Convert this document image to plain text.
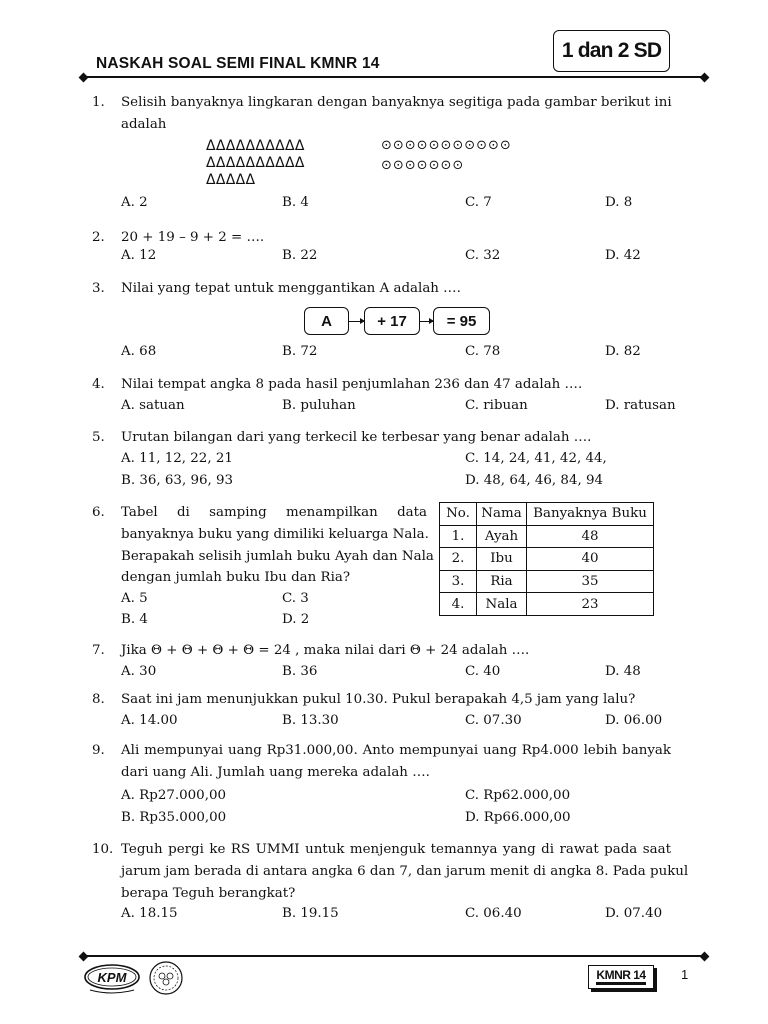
NASKAH SOAL SEMI FINAL KMNR 14
1 dan 2 SD
1. Selisih banyaknya lingkaran dengan banyaknya segitiga pada gambar berikut ini
adalah
ΔΔΔΔΔΔΔΔΔΔ
ΔΔΔΔΔΔΔΔΔΔ
ΔΔΔΔΔ
⊙⊙⊙⊙⊙⊙⊙⊙⊙⊙⊙
⊙⊙⊙⊙⊙⊙⊙
A. 2	B. 4	C. 7	D. 8
2. 20 + 19 – 9 + 2 = ….
A. 12	B. 22	C. 32	D. 42
3. Nilai yang tepat untuk menggantikan A adalah ….
A	+ 17	= 95
A. 68	B. 72	C. 78	D. 82
4. Nilai tempat angka 8 pada hasil penjumlahan 236 dan 47 adalah ….
A. satuan	B. puluhan	C. ribuan	D. ratusan
5. Urutan bilangan dari yang terkecil ke terbesar yang benar adalah ….
A. 11, 12, 22, 21	C. 14, 24, 41, 42, 44,
B. 36, 63, 96, 93	D. 48, 64, 46, 84, 94
6. Tabel di samping menampilkan data
banyaknya buku yang dimiliki keluarga Nala.
Berapakah selisih jumlah buku Ayah dan Nala
dengan jumlah buku Ibu dan Ria?
A. 5	C. 3
B. 4	D. 2
No.	Nama	Banyaknya Buku
1.	Ayah	48
2.	Ibu	40
3.	Ria	35
4.	Nala	23
7. Jika Θ + Θ + Θ + Θ = 24 , maka nilai dari Θ + 24 adalah ….
A. 30	B. 36	C. 40	D. 48
8. Saat ini jam menunjukkan pukul 10.30. Pukul berapakah 4,5 jam yang lalu?
A. 14.00	B. 13.30	C. 07.30	D. 06.00
9. Ali mempunyai uang Rp31.000,00. Anto mempunyai uang Rp4.000 lebih banyak
dari uang Ali. Jumlah uang mereka adalah ….
A. Rp27.000,00	C. Rp62.000,00
B. Rp35.000,00	D. Rp66.000,00
10. Teguh pergi ke RS UMMI untuk menjenguk temannya yang di rawat pada saat
jarum jam berada di antara angka 6 dan 7, dan jarum menit di angka 8. Pada pukul
berapa Teguh berangkat?
A. 18.15	B. 19.15	C. 06.40	D. 07.40
KPM	KMNR 14	1
